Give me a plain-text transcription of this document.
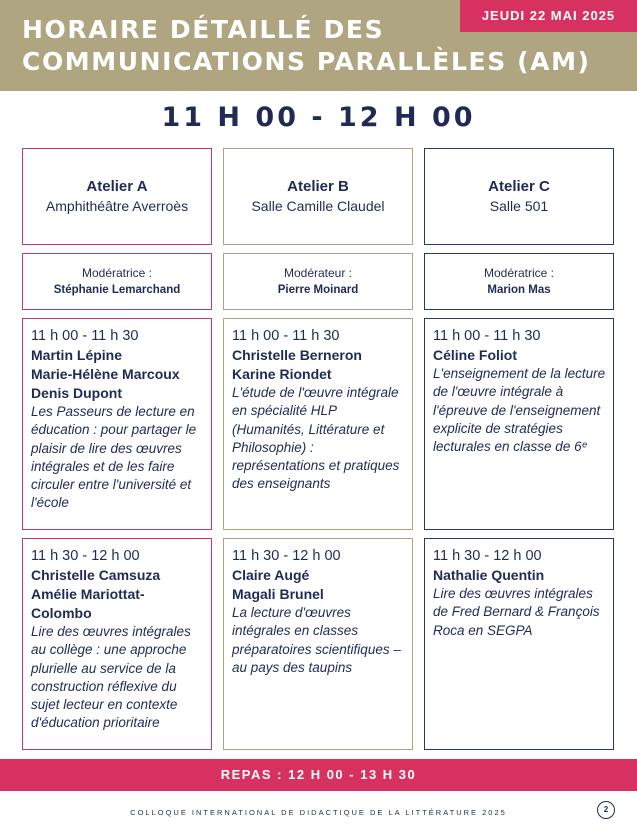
HORAIRE DÉTAILLÉ DES
COMMUNICATIONS PARALLÈLES (AM)
JEUDI 22 MAI 2025
11 H 00 - 12 H 00
Atelier A
Amphithéâtre Averroès
Modératrice :
Stéphanie Lemarchand
11 h 00 - 11 h 30
Martin Lépine
Marie-Hélène Marcoux
Denis Dupont
Les Passeurs de lecture en éducation : pour partager le plaisir de lire des œuvres intégrales et de les faire circuler entre l'université et l'école
11 h 30 - 12 h 00
Christelle Camsuza
Amélie Mariottat-Colombo
Lire des œuvres intégrales au collège : une approche plurielle au service de la construction réflexive du sujet lecteur en contexte d'éducation prioritaire
Atelier B
Salle Camille Claudel
Modérateur :
Pierre Moinard
11 h 00 - 11 h 30
Christelle Berneron
Karine Riondet
L'étude de l'œuvre intégrale en spécialité HLP (Humanités, Littérature et Philosophie) : représentations et pratiques des enseignants
11 h 30 - 12 h 00
Claire Augé
Magali Brunel
La lecture d'œuvres intégrales en classes préparatoires scientifiques – au pays des taupins
Atelier C
Salle 501
Modératrice :
Marion Mas
11 h 00 - 11 h 30
Céline Foliot
L'enseignement de la lecture de l'œuvre intégrale à l'épreuve de l'enseignement explicite de stratégies lecturales en classe de 6ᵉ
11 h 30 - 12 h 00
Nathalie Quentin
Lire des œuvres intégrales de Fred Bernard & François Roca en SEGPA
REPAS : 12 H 00 - 13 H 30
COLLOQUE INTERNATIONAL DE DIDACTIQUE DE LA LITTÉRATURE 2025	2
